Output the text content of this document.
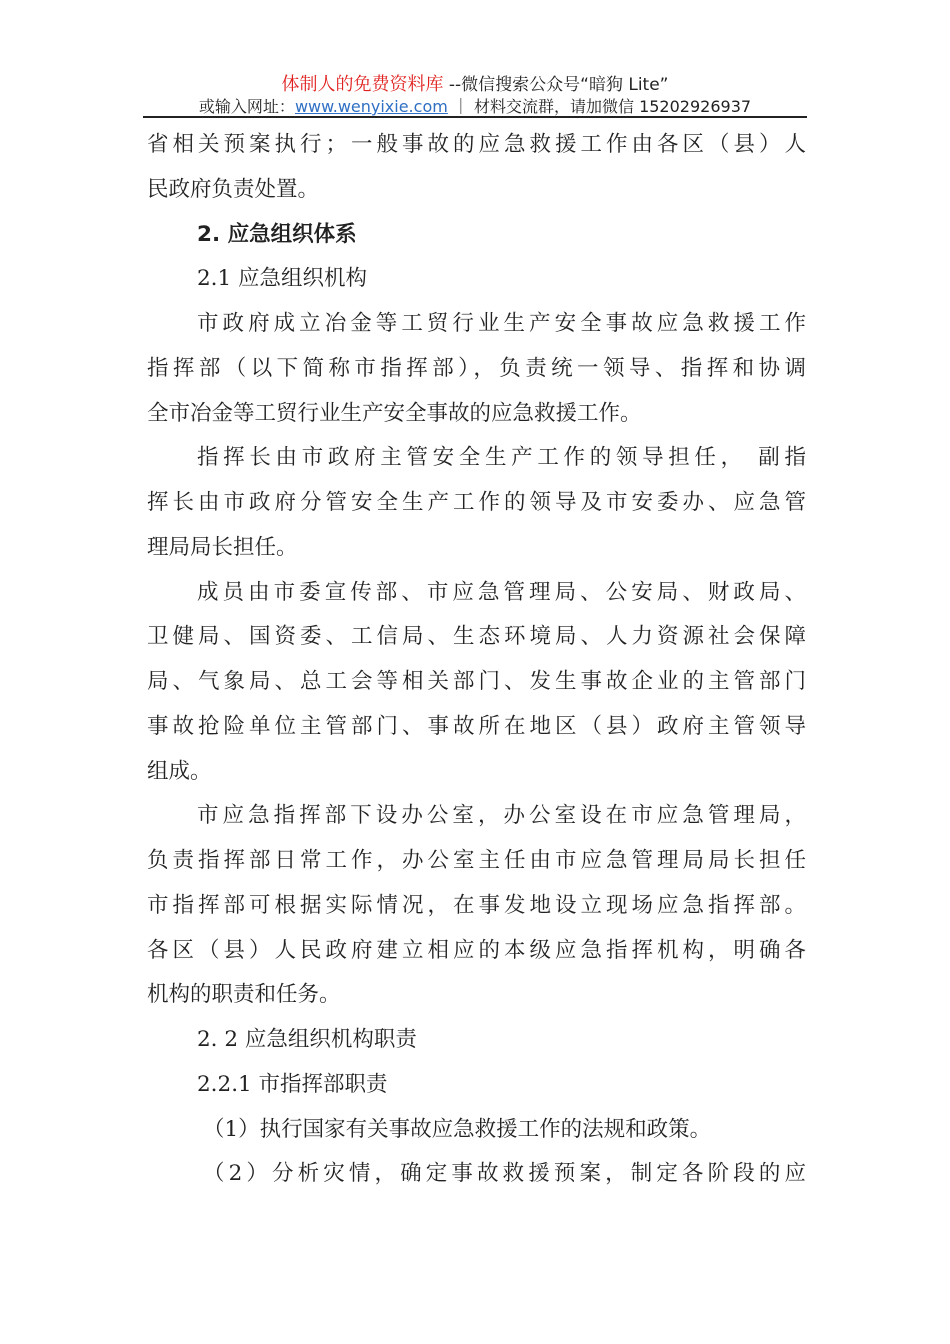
体制人的免费资料库 --微信搜索公众号“暗狗 Lite”
或输入网址：www.wenyixie.com ｜ 材料交流群，请加微信 15202926937
省相关预案执行；一般事故的应急救援工作由各区（县）人
民政府负责处置。
2. 应急组织体系
2.1 应急组织机构
市政府成立冶金等工贸行业生产安全事故应急救援工作
指挥部（以下简称市指挥部），负责统一领导、指挥和协调
全市冶金等工贸行业生产安全事故的应急救援工作。
指挥长由市政府主管安全生产工作的领导担任， 副指
挥长由市政府分管安全生产工作的领导及市安委办、应急管
理局局长担任。
成员由市委宣传部、市应急管理局、公安局、财政局、
卫健局、国资委、工信局、生态环境局、人力资源社会保障
局、气象局、总工会等相关部门、发生事故企业的主管部门
事故抢险单位主管部门、事故所在地区（县）政府主管领导
组成。
市应急指挥部下设办公室，办公室设在市应急管理局，
负责指挥部日常工作，办公室主任由市应急管理局局长担任
市指挥部可根据实际情况，在事发地设立现场应急指挥部。
各区（县）人民政府建立相应的本级应急指挥机构，明确各
机构的职责和任务。
2. 2 应急组织机构职责
2.2.1 市指挥部职责
（1）执行国家有关事故应急救援工作的法规和政策。
（2）分析灾情，确定事故救援预案，制定各阶段的应
